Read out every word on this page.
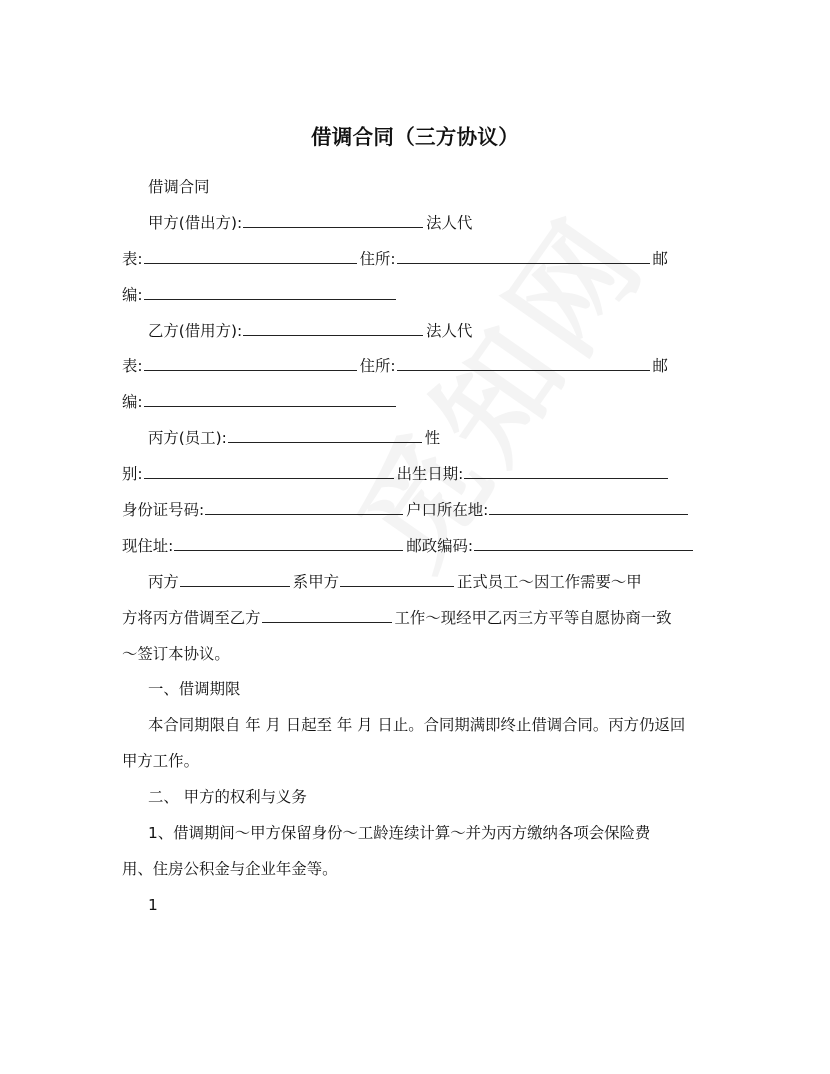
借调合同（三方协议）
借调合同
甲方(借出方):	法人代
表:	住所:	邮
编:
乙方(借用方):	法人代
表:	住所:	邮
编:
丙方(员工):	性
别:	出生日期:
身份证号码:	户口所在地:
现住址:	邮政编码:
丙方	系甲方	正式员工～因工作需要～甲
方将丙方借调至乙方	工作～现经甲乙丙三方平等自愿协商一致
～签订本协议。
一、借调期限
本合同期限自 年 月 日起至 年 月 日止。合同期满即终止借调合同。丙方仍返回
甲方工作。
二、 甲方的权利与义务
1、借调期间～甲方保留身份～工龄连续计算～并为丙方缴纳各项会保险费
用、住房公积金与企业年金等。
1
